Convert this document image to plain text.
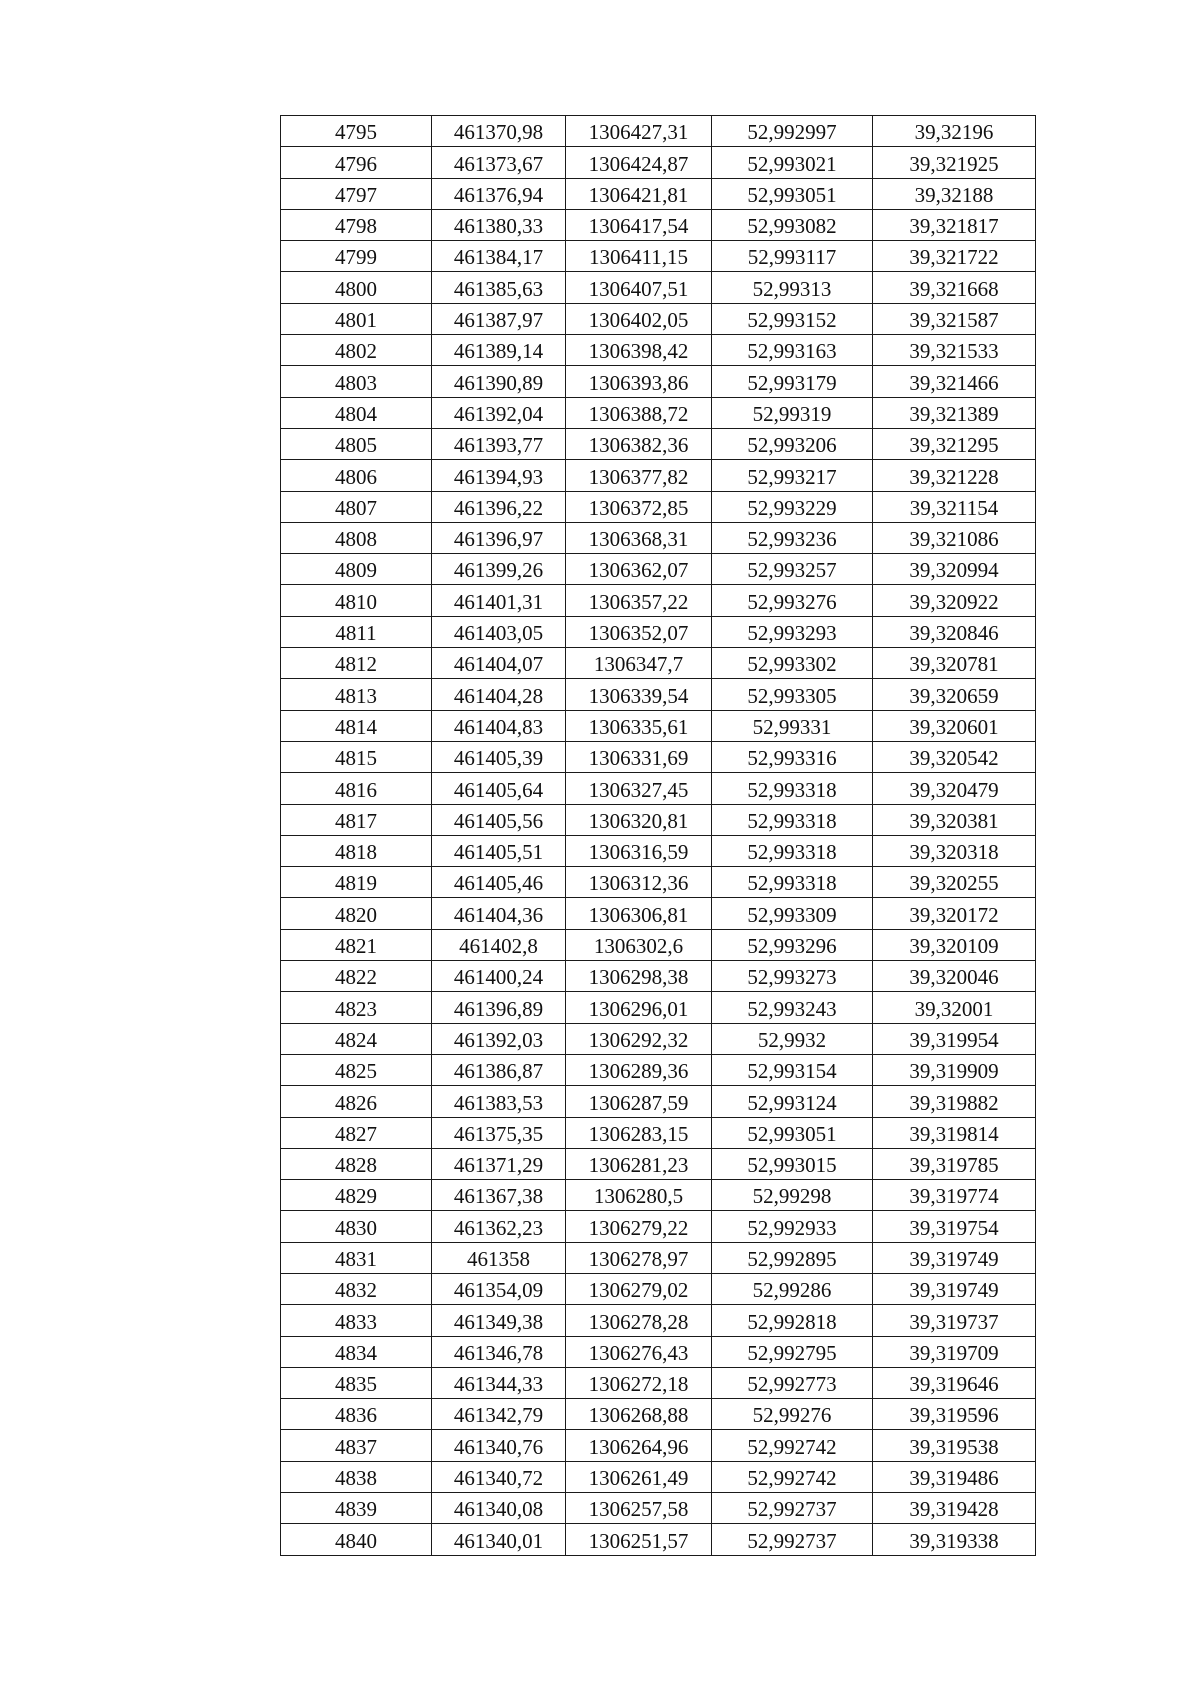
4795	461370,98	1306427,31	52,992997	39,32196
4796	461373,67	1306424,87	52,993021	39,321925
4797	461376,94	1306421,81	52,993051	39,32188
4798	461380,33	1306417,54	52,993082	39,321817
4799	461384,17	1306411,15	52,993117	39,321722
4800	461385,63	1306407,51	52,99313	39,321668
4801	461387,97	1306402,05	52,993152	39,321587
4802	461389,14	1306398,42	52,993163	39,321533
4803	461390,89	1306393,86	52,993179	39,321466
4804	461392,04	1306388,72	52,99319	39,321389
4805	461393,77	1306382,36	52,993206	39,321295
4806	461394,93	1306377,82	52,993217	39,321228
4807	461396,22	1306372,85	52,993229	39,321154
4808	461396,97	1306368,31	52,993236	39,321086
4809	461399,26	1306362,07	52,993257	39,320994
4810	461401,31	1306357,22	52,993276	39,320922
4811	461403,05	1306352,07	52,993293	39,320846
4812	461404,07	1306347,7	52,993302	39,320781
4813	461404,28	1306339,54	52,993305	39,320659
4814	461404,83	1306335,61	52,99331	39,320601
4815	461405,39	1306331,69	52,993316	39,320542
4816	461405,64	1306327,45	52,993318	39,320479
4817	461405,56	1306320,81	52,993318	39,320381
4818	461405,51	1306316,59	52,993318	39,320318
4819	461405,46	1306312,36	52,993318	39,320255
4820	461404,36	1306306,81	52,993309	39,320172
4821	461402,8	1306302,6	52,993296	39,320109
4822	461400,24	1306298,38	52,993273	39,320046
4823	461396,89	1306296,01	52,993243	39,32001
4824	461392,03	1306292,32	52,9932	39,319954
4825	461386,87	1306289,36	52,993154	39,319909
4826	461383,53	1306287,59	52,993124	39,319882
4827	461375,35	1306283,15	52,993051	39,319814
4828	461371,29	1306281,23	52,993015	39,319785
4829	461367,38	1306280,5	52,99298	39,319774
4830	461362,23	1306279,22	52,992933	39,319754
4831	461358	1306278,97	52,992895	39,319749
4832	461354,09	1306279,02	52,99286	39,319749
4833	461349,38	1306278,28	52,992818	39,319737
4834	461346,78	1306276,43	52,992795	39,319709
4835	461344,33	1306272,18	52,992773	39,319646
4836	461342,79	1306268,88	52,99276	39,319596
4837	461340,76	1306264,96	52,992742	39,319538
4838	461340,72	1306261,49	52,992742	39,319486
4839	461340,08	1306257,58	52,992737	39,319428
4840	461340,01	1306251,57	52,992737	39,319338
